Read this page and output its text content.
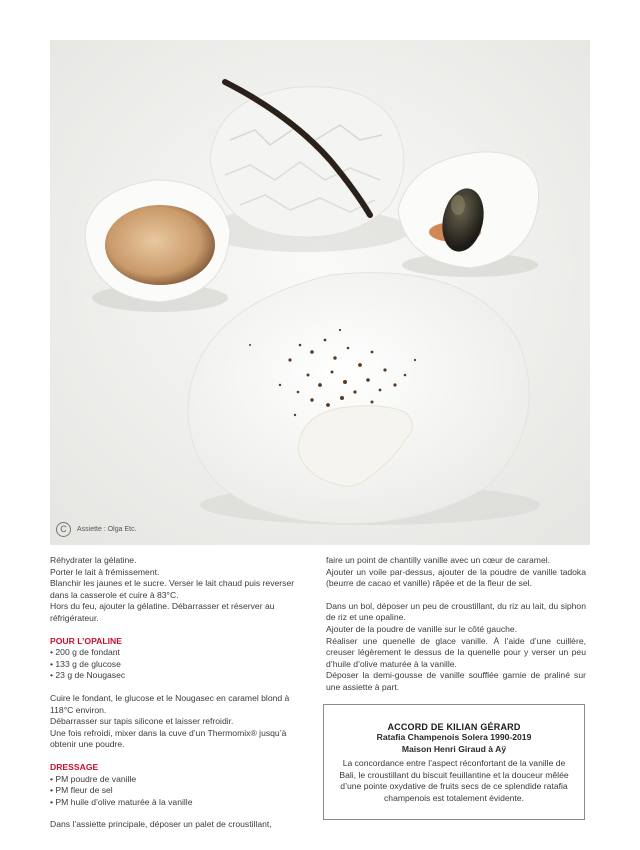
C	Assiette : Olga Etc.

Réhydrater la gélatine.

Porter le lait à frémissement.

Blanchir les jaunes et le sucre. Verser le lait chaud puis reverser dans la casserole et cuire à 83°C.

Hors du feu, ajouter la gélatine. Débarrasser et réserver au réfrigérateur.

POUR L’OPALINE

• 200 g de fondant
• 133 g de glucose
• 23 g de Nougasec

Cuire le fondant, le glucose et le Nougasec en caramel blond à 118°C environ.

Débarrasser sur tapis silicone et laisser refroidir.

Une fois refroidi, mixer dans la cuve d’un Thermomix® jusqu’à obtenir une poudre.

DRESSAGE

• PM poudre de vanille
• PM fleur de sel
• PM huile d’olive maturée à la vanille

Dans l’assiette principale, déposer un palet de croustillant,

faire un point de chantilly vanille avec un cœur de caramel.

Ajouter un voile par-dessus, ajouter de la poudre de vanille tadoka (beurre de cacao et vanille) râpée et de la fleur de sel.

Dans un bol, déposer un peu de croustillant, du riz au lait, du siphon de riz et une opaline.

Ajouter de la poudre de vanille sur le côté gauche.

Réaliser une quenelle de glace vanille. À l’aide d’une cuillère, creuser légèrement le dessus de la quenelle pour y verser un peu d’huile d’olive maturée à la vanille.

Déposer la demi-gousse de vanille soufflée garnie de praliné sur une assiette à part.

ACCORD DE KILIAN GÉRARD
Ratafia Champenois Solera 1990-2019
Maison Henri Giraud à Aÿ
La concordance entre l’aspect réconfortant de la vanille de Bali, le croustillant du biscuit feuillantine et la douceur mêlée d’une pointe oxydative de fruits secs de ce splendide ratafia champenois est totalement évidente.
